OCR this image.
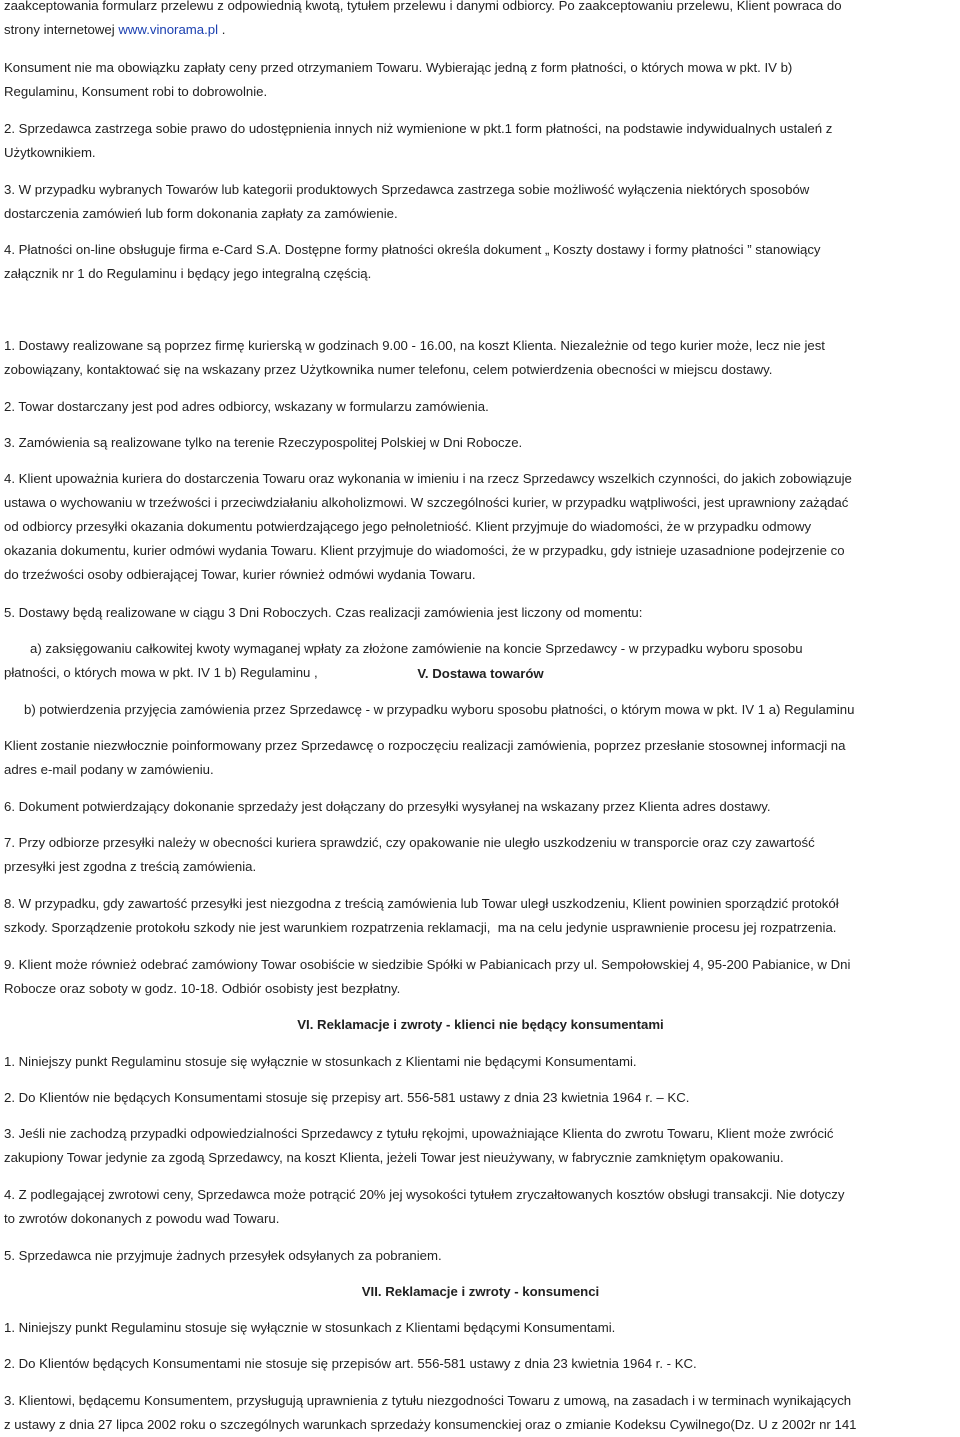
zaakceptowania formularz przelewu z odpowiednią kwotą, tytułem przelewu i danymi odbiorcy. Po zaakceptowaniu przelewu, Klient powraca do
strony internetowej www.vinorama.pl .

Konsument nie ma obowiązku zapłaty ceny przed otrzymaniem Towaru. Wybierając jedną z form płatności, o których mowa w pkt. IV b)
Regulaminu, Konsument robi to dobrowolnie.

2. Sprzedawca zastrzega sobie prawo do udostępnienia innych niż wymienione w pkt.1 form płatności, na podstawie indywidualnych ustaleń z
Użytkownikiem.

3. W przypadku wybranych Towarów lub kategorii produktowych Sprzedawca zastrzega sobie możliwość wyłączenia niektórych sposobów
dostarczenia zamówień lub form dokonania zapłaty za zamówienie.

4. Płatności on-line obsługuje firma e-Card S.A. Dostępne formy płatności określa dokument „ Koszty dostawy i formy płatności ” stanowiący
załącznik nr 1 do Regulaminu i będący jego integralną częścią.

V. Dostawa towarów

1. Dostawy realizowane są poprzez firmę kurierską w godzinach 9.00 - 16.00, na koszt Klienta. Niezależnie od tego kurier może, lecz nie jest
zobowiązany, kontaktować się na wskazany przez Użytkownika numer telefonu, celem potwierdzenia obecności w miejscu dostawy.

2. Towar dostarczany jest pod adres odbiorcy, wskazany w formularzu zamówienia.

3. Zamówienia są realizowane tylko na terenie Rzeczypospolitej Polskiej w Dni Robocze.

4. Klient upoważnia kuriera do dostarczenia Towaru oraz wykonania w imieniu i na rzecz Sprzedawcy wszelkich czynności, do jakich zobowiązuje
ustawa o wychowaniu w trzeźwości i przeciwdziałaniu alkoholizmowi. W szczególności kurier, w przypadku wątpliwości, jest uprawniony zażądać
od odbiorcy przesyłki okazania dokumentu potwierdzającego jego pełnoletniość. Klient przyjmuje do wiadomości, że w przypadku odmowy
okazania dokumentu, kurier odmówi wydania Towaru. Klient przyjmuje do wiadomości, że w przypadku, gdy istnieje uzasadnione podejrzenie co
do trzeźwości osoby odbierającej Towar, kurier również odmówi wydania Towaru.

5. Dostawy będą realizowane w ciągu 3 Dni Roboczych. Czas realizacji zamówienia jest liczony od momentu:

a) zaksięgowaniu całkowitej kwoty wymaganej wpłaty za złożone zamówienie na koncie Sprzedawcy - w przypadku wyboru sposobu
płatności, o których mowa w pkt. IV 1 b) Regulaminu ,

b) potwierdzenia przyjęcia zamówienia przez Sprzedawcę - w przypadku wyboru sposobu płatności, o którym mowa w pkt. IV 1 a) Regulaminu

Klient zostanie niezwłocznie poinformowany przez Sprzedawcę o rozpoczęciu realizacji zamówienia, poprzez przesłanie stosownej informacji na
adres e-mail podany w zamówieniu.

6. Dokument potwierdzający dokonanie sprzedaży jest dołączany do przesyłki wysyłanej na wskazany przez Klienta adres dostawy.

7. Przy odbiorze przesyłki należy w obecności kuriera sprawdzić, czy opakowanie nie uległo uszkodzeniu w transporcie oraz czy zawartość
przesyłki jest zgodna z treścią zamówienia.

8. W przypadku, gdy zawartość przesyłki jest niezgodna z treścią zamówienia lub Towar uległ uszkodzeniu, Klient powinien sporządzić protokół
szkody. Sporządzenie protokołu szkody nie jest warunkiem rozpatrzenia reklamacji,  ma na celu jedynie usprawnienie procesu jej rozpatrzenia.

9. Klient może również odebrać zamówiony Towar osobiście w siedzibie Spółki w Pabianicach przy ul. Sempołowskiej 4, 95-200 Pabianice, w Dni
Robocze oraz soboty w godz. 10-18. Odbiór osobisty jest bezpłatny.

VI. Reklamacje i zwroty - klienci nie będący konsumentami

1. Niniejszy punkt Regulaminu stosuje się wyłącznie w stosunkach z Klientami nie będącymi Konsumentami.

2. Do Klientów nie będących Konsumentami stosuje się przepisy art. 556-581 ustawy z dnia 23 kwietnia 1964 r. – KC.

3. Jeśli nie zachodzą przypadki odpowiedzialności Sprzedawcy z tytułu rękojmi, upoważniające Klienta do zwrotu Towaru, Klient może zwrócić
zakupiony Towar jedynie za zgodą Sprzedawcy, na koszt Klienta, jeżeli Towar jest nieużywany, w fabrycznie zamkniętym opakowaniu.

4. Z podlegającej zwrotowi ceny, Sprzedawca może potrącić 20% jej wysokości tytułem zryczałtowanych kosztów obsługi transakcji. Nie dotyczy
to zwrotów dokonanych z powodu wad Towaru.

5. Sprzedawca nie przyjmuje żadnych przesyłek odsyłanych za pobraniem.

VII. Reklamacje i zwroty - konsumenci

1. Niniejszy punkt Regulaminu stosuje się wyłącznie w stosunkach z Klientami będącymi Konsumentami.

2. Do Klientów będących Konsumentami nie stosuje się przepisów art. 556-581 ustawy z dnia 23 kwietnia 1964 r. - KC.

3. Klientowi, będącemu Konsumentem, przysługują uprawnienia z tytułu niezgodności Towaru z umową, na zasadach i w terminach wynikających
z ustawy z dnia 27 lipca 2002 roku o szczególnych warunkach sprzedaży konsumenckiej oraz o zmianie Kodeksu Cywilnego(Dz. U z 2002r nr 141
